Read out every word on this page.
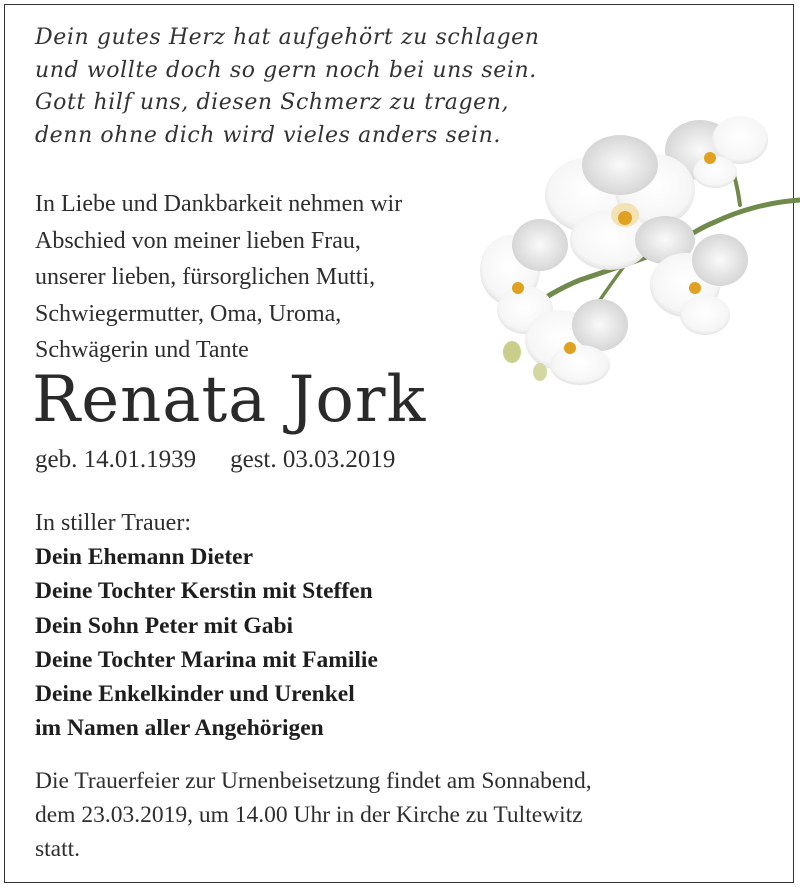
Dein gutes Herz hat aufgehört zu schlagen
und wollte doch so gern noch bei uns sein.
Gott hilf uns, diesen Schmerz zu tragen,
denn ohne dich wird vieles anders sein.
In Liebe und Dankbarkeit nehmen wir
Abschied von meiner lieben Frau,
unserer lieben, fürsorglichen Mutti,
Schwiegermutter, Oma, Uroma,
Schwägerin und Tante
Renata Jork
geb. 14.01.1939 gest. 03.03.2019
In stiller Trauer:
Dein Ehemann Dieter
Deine Tochter Kerstin mit Steffen
Dein Sohn Peter mit Gabi
Deine Tochter Marina mit Familie
Deine Enkelkinder und Urenkel
im Namen aller Angehörigen
Die Trauerfeier zur Urnenbeisetzung findet am Sonnabend,
dem 23.03.2019, um 14.00 Uhr in der Kirche zu Tultewitz
statt.
